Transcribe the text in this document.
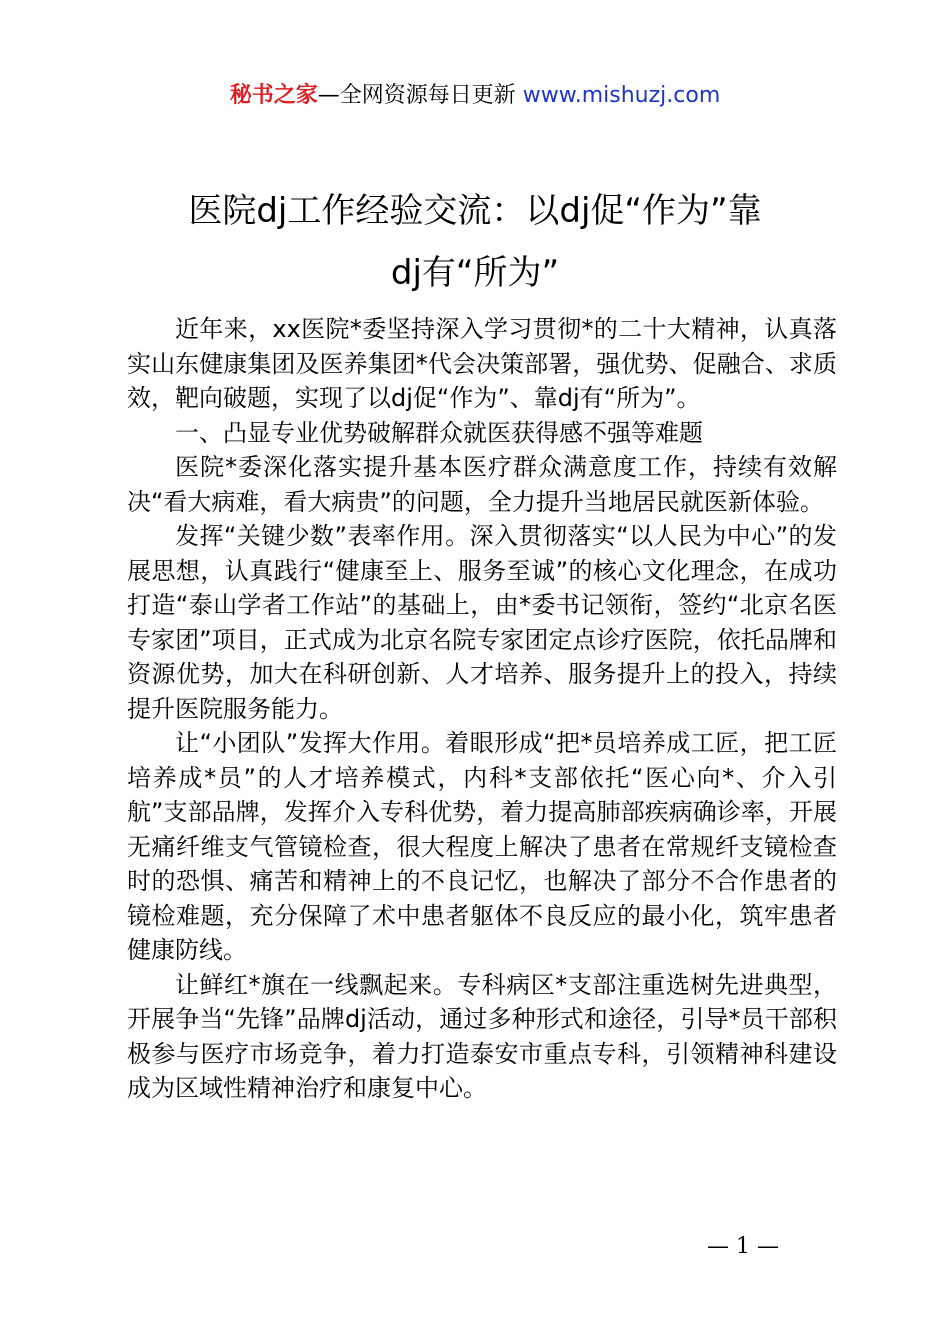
秘书之家—全网资源每日更新 www.mishuzj.com
医院dj工作经验交流：以dj促“作为”靠
dj有“所为”

近年来，xx医院*委坚持深入学习贯彻*的二十大精神，认真落实山东健康集团及医养集团*代会决策部署，强优势、促融合、求质效，靶向破题，实现了以dj促“作为”、靠dj有“所为”。

一、凸显专业优势破解群众就医获得感不强等难题

医院*委深化落实提升基本医疗群众满意度工作，持续有效解决“看大病难，看大病贵”的问题，全力提升当地居民就医新体验。

发挥“关键少数”表率作用。深入贯彻落实“以人民为中心”的发展思想，认真践行“健康至上、服务至诚”的核心文化理念，在成功打造“泰山学者工作站”的基础上，由*委书记领衔，签约“北京名医专家团”项目，正式成为北京名院专家团定点诊疗医院，依托品牌和资源优势，加大在科研创新、人才培养、服务提升上的投入，持续提升医院服务能力。

让“小团队”发挥大作用。着眼形成“把*员培养成工匠，把工匠培养成*员”的人才培养模式，内科*支部依托“医心向*、介入引航”支部品牌，发挥介入专科优势，着力提高肺部疾病确诊率，开展无痛纤维支气管镜检查，很大程度上解决了患者在常规纤支镜检查时的恐惧、痛苦和精神上的不良记忆，也解决了部分不合作患者的镜检难题，充分保障了术中患者躯体不良反应的最小化，筑牢患者健康防线。

让鲜红*旗在一线飘起来。专科病区*支部注重选树先进典型，开展争当“先锋”品牌dj活动，通过多种形式和途径，引导*员干部积极参与医疗市场竞争，着力打造泰安市重点专科，引领精神科建设成为区域性精神治疗和康复中心。

— 1 —
